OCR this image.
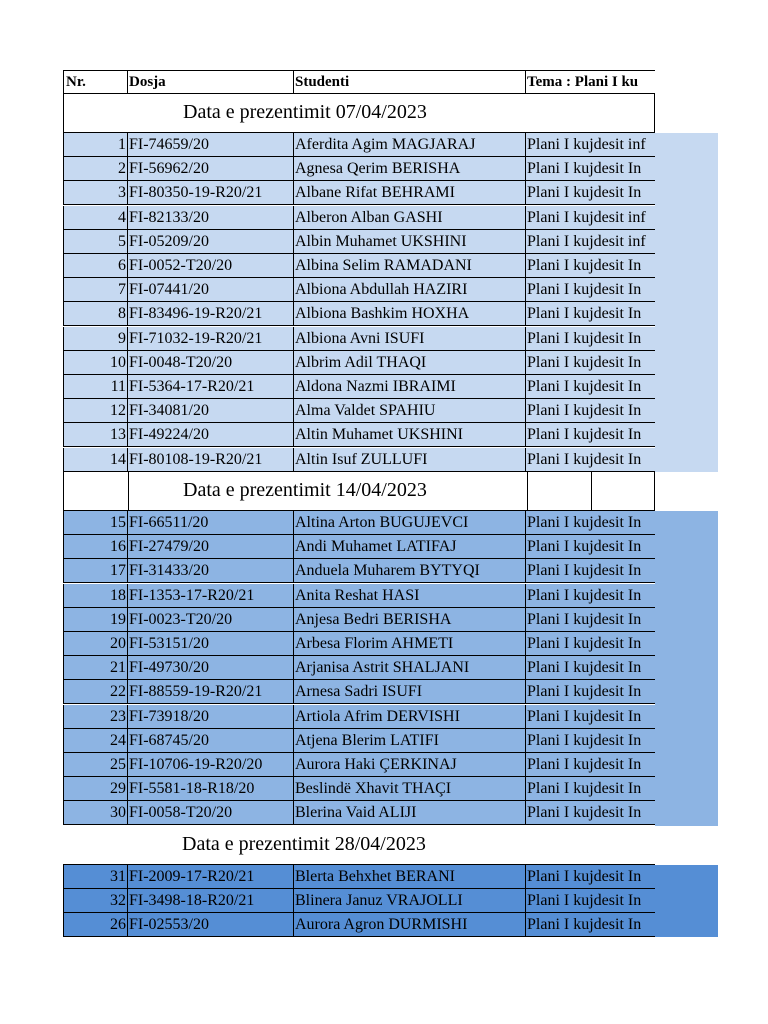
Nr.	Dosja	Studenti	Tema : Plani I ku
Data e prezentimit 07/04/2023
1 FI-74659/20	Aferdita Agim MAGJARAJ	Plani I kujdesit inf
2 FI-56962/20	Agnesa Qerim BERISHA	Plani I kujdesit In
3 FI-80350-19-R20/21	Albane Rifat BEHRAMI	Plani I kujdesit In
4 FI-82133/20	Alberon Alban GASHI	Plani I kujdesit inf
5 FI-05209/20	Albin Muhamet UKSHINI	Plani I kujdesit inf
6 FI-0052-T20/20	Albina Selim RAMADANI	Plani I kujdesit In
7 FI-07441/20	Albiona Abdullah HAZIRI	Plani I kujdesit In
8 FI-83496-19-R20/21	Albiona Bashkim HOXHA	Plani I kujdesit In
9 FI-71032-19-R20/21	Albiona Avni ISUFI	Plani I kujdesit In
10 FI-0048-T20/20	Albrim Adil THAQI	Plani I kujdesit In
11 FI-5364-17-R20/21	Aldona Nazmi IBRAIMI	Plani I kujdesit In
12 FI-34081/20	Alma Valdet SPAHIU	Plani I kujdesit In
13 FI-49224/20	Altin Muhamet UKSHINI	Plani I kujdesit In
14 FI-80108-19-R20/21	Altin Isuf ZULLUFI	Plani I kujdesit In
Data e prezentimit 14/04/2023
15 FI-66511/20	Altina Arton BUGUJEVCI	Plani I kujdesit In
16 FI-27479/20	Andi Muhamet LATIFAJ	Plani I kujdesit In
17 FI-31433/20	Anduela Muharem BYTYQI	Plani I kujdesit In
18 FI-1353-17-R20/21	Anita Reshat HASI	Plani I kujdesit In
19 FI-0023-T20/20	Anjesa Bedri BERISHA	Plani I kujdesit In
20 FI-53151/20	Arbesa Florim AHMETI	Plani I kujdesit In
21 FI-49730/20	Arjanisa Astrit SHALJANI	Plani I kujdesit In
22 FI-88559-19-R20/21	Arnesa Sadri ISUFI	Plani I kujdesit In
23 FI-73918/20	Artiola Afrim DERVISHI	Plani I kujdesit In
24 FI-68745/20	Atjena Blerim LATIFI	Plani I kujdesit In
25 FI-10706-19-R20/20	Aurora Haki ÇERKINAJ	Plani I kujdesit In
29 FI-5581-18-R18/20	Beslindë Xhavit THAÇI	Plani I kujdesit In
30 FI-0058-T20/20	Blerina Vaid ALIJI	Plani I kujdesit In
Data e prezentimit 28/04/2023
31 FI-2009-17-R20/21	Blerta Behxhet BERANI	Plani I kujdesit In
32 FI-3498-18-R20/21	Blinera Januz VRAJOLLI	Plani I kujdesit In
26 FI-02553/20	Aurora Agron DURMISHI	Plani I kujdesit In
